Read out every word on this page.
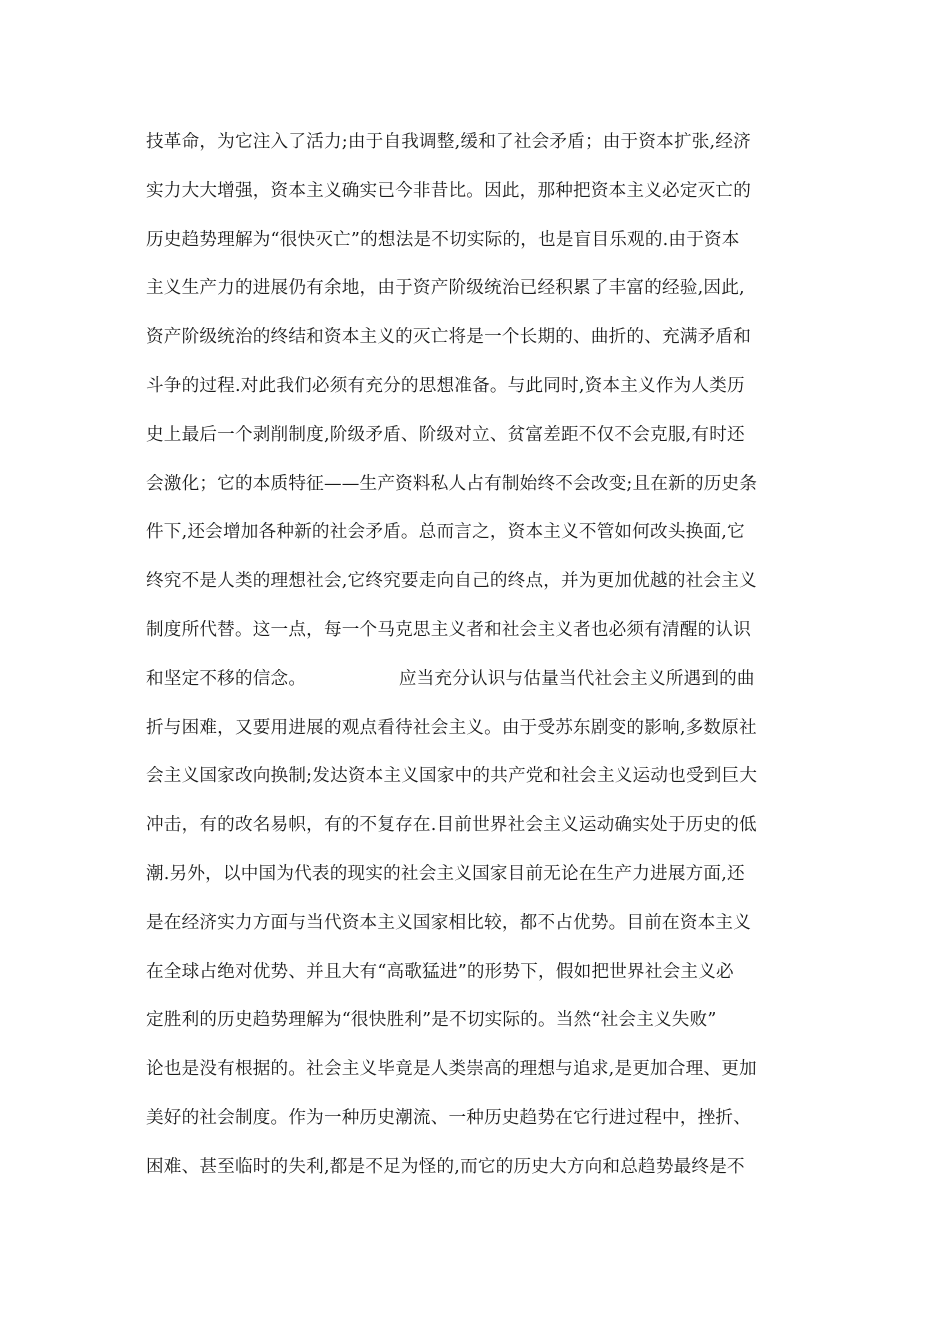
技革命，为它注入了活力;由于自我调整,缓和了社会矛盾；由于资本扩张,经济
实力大大增强，资本主义确实已今非昔比。因此，那种把资本主义必定灭亡的
历史趋势理解为“很快灭亡”的想法是不切实际的，也是盲目乐观的.由于资本
主义生产力的进展仍有余地，由于资产阶级统治已经积累了丰富的经验,因此,
资产阶级统治的终结和资本主义的灭亡将是一个长期的、曲折的、充满矛盾和
斗争的过程.对此我们必须有充分的思想准备。与此同时,资本主义作为人类历
史上最后一个剥削制度,阶级矛盾、阶级对立、贫富差距不仅不会克服,有时还
会激化；它的本质特征——生产资料私人占有制始终不会改变;且在新的历史条
件下,还会增加各种新的社会矛盾。总而言之，资本主义不管如何改头换面,它
终究不是人类的理想社会,它终究要走向自己的终点，并为更加优越的社会主义
制度所代替。这一点，每一个马克思主义者和社会主义者也必须有清醒的认识
和坚定不移的信念。                应当充分认识与估量当代社会主义所遇到的曲
折与困难，又要用进展的观点看待社会主义。由于受苏东剧变的影响,多数原社
会主义国家改向换制;发达资本主义国家中的共产党和社会主义运动也受到巨大
冲击，有的改名易帜，有的不复存在.目前世界社会主义运动确实处于历史的低
潮.另外，以中国为代表的现实的社会主义国家目前无论在生产力进展方面,还
是在经济实力方面与当代资本主义国家相比较，都不占优势。目前在资本主义
在全球占绝对优势、并且大有“高歌猛进”的形势下，假如把世界社会主义必
定胜利的历史趋势理解为“很快胜利”是不切实际的。当然“社会主义失败”
论也是没有根据的。社会主义毕竟是人类崇高的理想与追求,是更加合理、更加
美好的社会制度。作为一种历史潮流、一种历史趋势在它行进过程中，挫折、
困难、甚至临时的失利,都是不足为怪的,而它的历史大方向和总趋势最终是不
